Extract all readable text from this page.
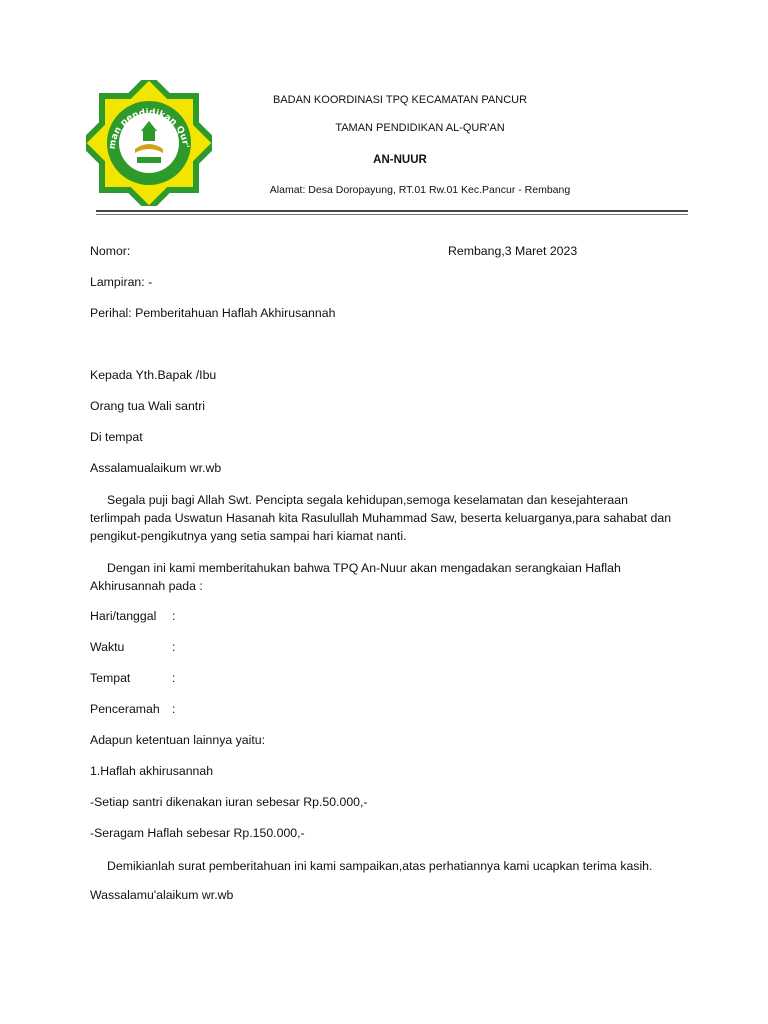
man pendidikan Qur'
BADAN KOORDINASI TPQ KECAMATAN PANCUR
TAMAN PENDIDIKAN AL-QUR'AN
AN-NUUR
Alamat: Desa Doropayung, RT.01 Rw.01 Kec.Pancur - Rembang
Nomor:	Rembang,3 Maret 2023
Lampiran: -
Perihal: Pemberitahuan Haflah Akhirusannah
Kepada Yth.Bapak /Ibu
Orang tua Wali santri
Di tempat
Assalamualaikum wr.wb
Segala puji bagi Allah Swt. Pencipta segala kehidupan,semoga keselamatan dan kesejahteraan terlimpah pada Uswatun Hasanah kita Rasulullah Muhammad Saw, beserta keluarganya,para sahabat dan pengikut-pengikutnya yang setia sampai hari kiamat nanti.
Dengan ini kami memberitahukan bahwa TPQ An-Nuur akan mengadakan serangkaian Haflah Akhirusannah pada :
Hari/tanggal :
Waktu	:
Tempat	:
Penceramah :
Adapun ketentuan lainnya yaitu:
1.Haflah akhirusannah
-Setiap santri dikenakan iuran sebesar Rp.50.000,-
-Seragam Haflah sebesar Rp.150.000,-
Demikianlah surat pemberitahuan ini kami sampaikan,atas perhatiannya kami ucapkan terima kasih.
Wassalamu'alaikum wr.wb
